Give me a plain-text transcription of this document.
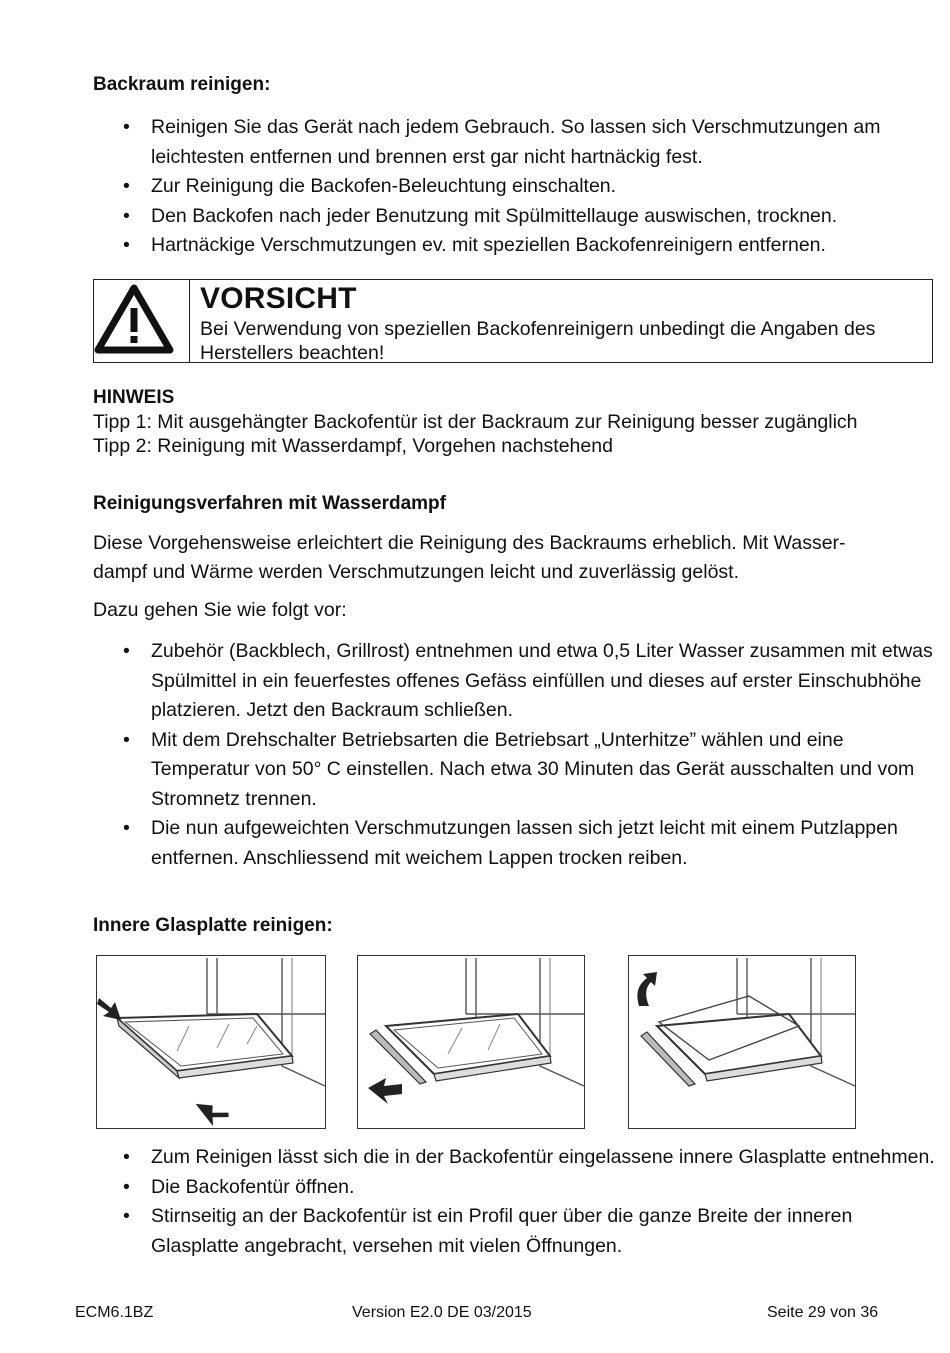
Backraum reinigen:
• Reinigen Sie das Gerät nach jedem Gebrauch. So lassen sich Verschmutzungen am leichtesten entfernen und brennen erst gar nicht hartnäckig fest.
• Zur Reinigung die Backofen-Beleuchtung einschalten.
• Den Backofen nach jeder Benutzung mit Spülmittellauge auswischen, trocknen.
• Hartnäckige Verschmutzungen ev. mit speziellen Backofenreinigern entfernen.
VORSICHT
Bei Verwendung von speziellen Backofenreinigern unbedingt die Angaben des Herstellers beachten!
HINWEIS
Tipp 1: Mit ausgehängter Backofentür ist der Backraum zur Reinigung besser zugänglich
Tipp 2: Reinigung mit Wasserdampf, Vorgehen nachstehend
Reinigungsverfahren mit Wasserdampf
Diese Vorgehensweise erleichtert die Reinigung des Backraums erheblich. Mit Wasser-
dampf und Wärme werden Verschmutzungen leicht und zuverlässig gelöst.
Dazu gehen Sie wie folgt vor:
• Zubehör (Backblech, Grillrost) entnehmen und etwa 0,5 Liter Wasser zusammen mit etwas Spülmittel in ein feuerfestes offenes Gefäss einfüllen und dieses auf erster Einschubhöhe platzieren. Jetzt den Backraum schließen.
• Mit dem Drehschalter Betriebsarten die Betriebsart „Unterhitze” wählen und eine Temperatur von 50° C einstellen. Nach etwa 30 Minuten das Gerät ausschalten und vom Stromnetz trennen.
• Die nun aufgeweichten Verschmutzungen lassen sich jetzt leicht mit einem Putzlappen entfernen. Anschliessend mit weichem Lappen trocken reiben.
Innere Glasplatte reinigen:
• Zum Reinigen lässt sich die in der Backofentür eingelassene innere Glasplatte entnehmen.
• Die Backofentür öffnen.
• Stirnseitig an der Backofentür ist ein Profil quer über die ganze Breite der inneren Glasplatte angebracht, versehen mit vielen Öffnungen.
ECM6.1BZ	Version E2.0 DE 03/2015	Seite 29 von 36
